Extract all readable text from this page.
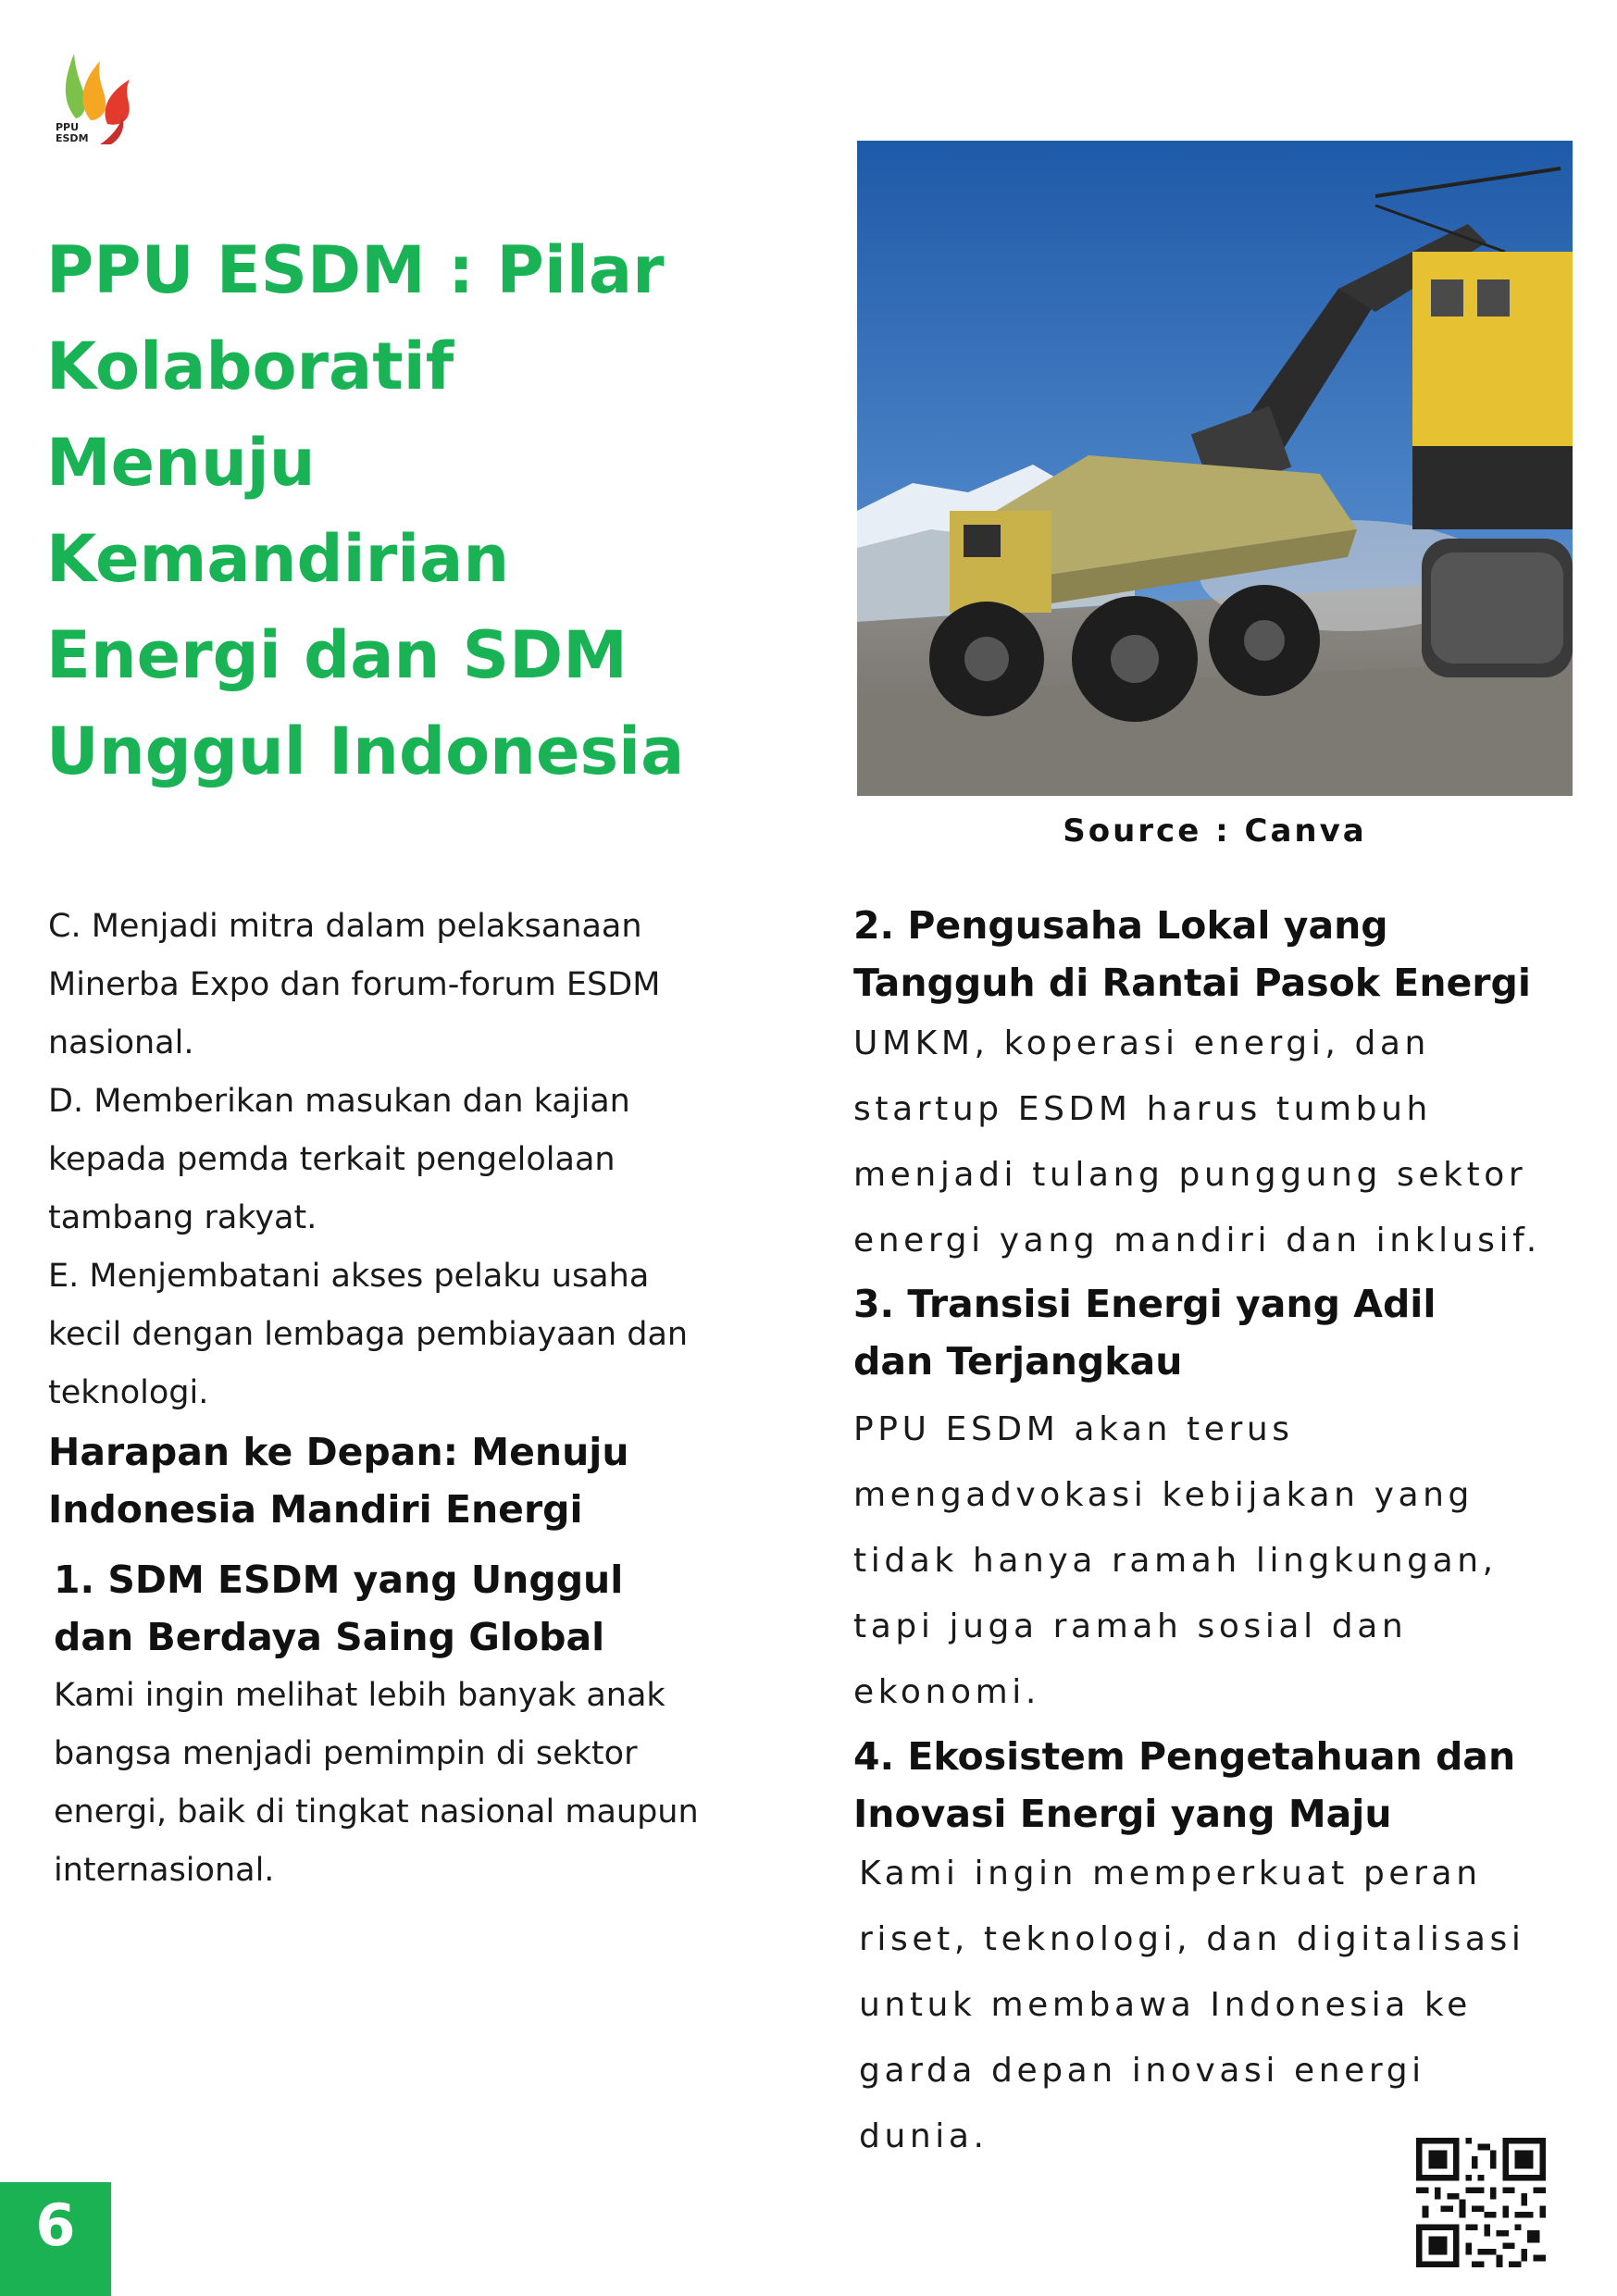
PPU
ESDM
PPU ESDM : Pilar
Kolaboratif
Menuju
Kemandirian
Energi dan SDM
Unggul Indonesia
Source : Canva
C. Menjadi mitra dalam pelaksanaan
Minerba Expo dan forum-forum ESDM
nasional.
D. Memberikan masukan dan kajian
kepada pemda terkait pengelolaan
tambang rakyat.
E. Menjembatani akses pelaku usaha
kecil dengan lembaga pembiayaan dan
teknologi.
Harapan ke Depan: Menuju
Indonesia Mandiri Energi
1. SDM ESDM yang Unggul
dan Berdaya Saing Global
Kami ingin melihat lebih banyak anak
bangsa menjadi pemimpin di sektor
energi, baik di tingkat nasional maupun
internasional.
2. Pengusaha Lokal yang
Tangguh di Rantai Pasok Energi
UMKM, koperasi energi, dan
startup ESDM harus tumbuh
menjadi tulang punggung sektor
energi yang mandiri dan inklusif.
3. Transisi Energi yang Adil
dan Terjangkau
PPU ESDM akan terus
mengadvokasi kebijakan yang
tidak hanya ramah lingkungan,
tapi juga ramah sosial dan
ekonomi.
4. Ekosistem Pengetahuan dan
Inovasi Energi yang Maju
Kami ingin memperkuat peran
riset, teknologi, dan digitalisasi
untuk membawa Indonesia ke
garda depan inovasi energi
dunia.
6
